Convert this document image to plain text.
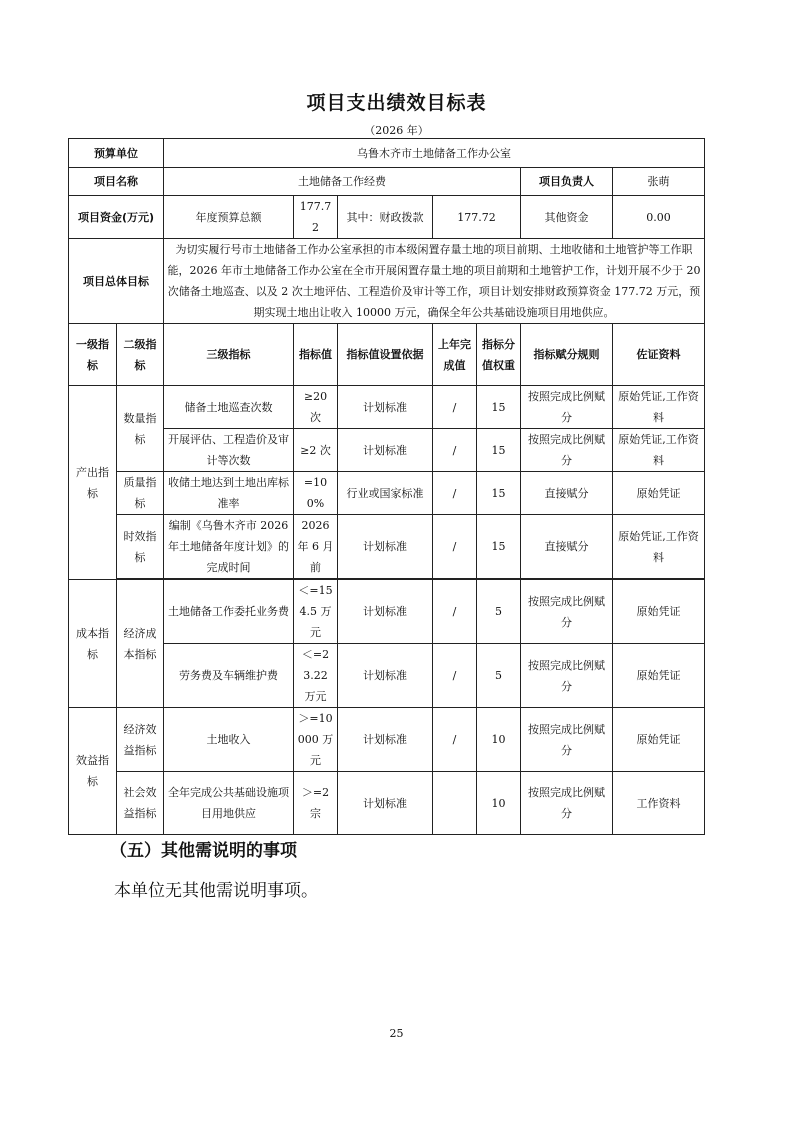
项目支出绩效目标表
（2026 年）
预算单位		乌鲁木齐市土地储备工作办公室						
项目名称		土地储备工作经费					项目负责人	张萌
项目资金(万元)		年度预算总额	177.72	其中：财政拨款	177.72		其他资金	0.00
项目总体目标		为切实履行号市土地储备工作办公室承担的市本级闲置存量土地的项目前期、土地收储和土地管护等工作职能，2026 年市土地储备工作办公室在全市开展闲置存量土地的项目前期和土地管护工作，计划开展不少于 20 次储备土地巡查、以及 2 次土地评估、工程造价及审计等工作，项目计划安排财政预算资金 177.72 万元，预期实现土地出让收入 10000 万元，确保全年公共基础设施项目用地供应。						
一级指标	二级指标	三级指标	指标值	指标值设置依据	上年完成值	指标分值权重	指标赋分规则	佐证资料
产出指标	数量指标	储备土地巡查次数	≥20 次	计划标准	/	15	按照完成比例赋分	原始凭证,工作资料
		开展评估、工程造价及审计等次数	≥2 次	计划标准	/	15	按照完成比例赋分	原始凭证,工作资料
	质量指标	收储土地达到土地出库标准率	=100%	行业或国家标准	/	15	直接赋分	原始凭证
	时效指标	编制《乌鲁木齐市 2026 年土地储备年度计划》的完成时间	2026 年 6 月前	计划标准	/	15	直接赋分	原始凭证,工作资料

成本指标	经济成本指标	土地储备工作委托业务费	＜=154.5 万元	计划标准	/	5	按照完成比例赋分	原始凭证
		劳务费及车辆维护费	＜=23.22 万元	计划标准	/	5	按照完成比例赋分	原始凭证
效益指标	经济效益指标	土地收入	＞=10000 万元	计划标准	/	10	按照完成比例赋分	原始凭证
	社会效益指标	全年完成公共基础设施项目用地供应	＞=2 宗	计划标准		10	按照完成比例赋分	工作资料
（五）其他需说明的事项
本单位无其他需说明事项。
25
